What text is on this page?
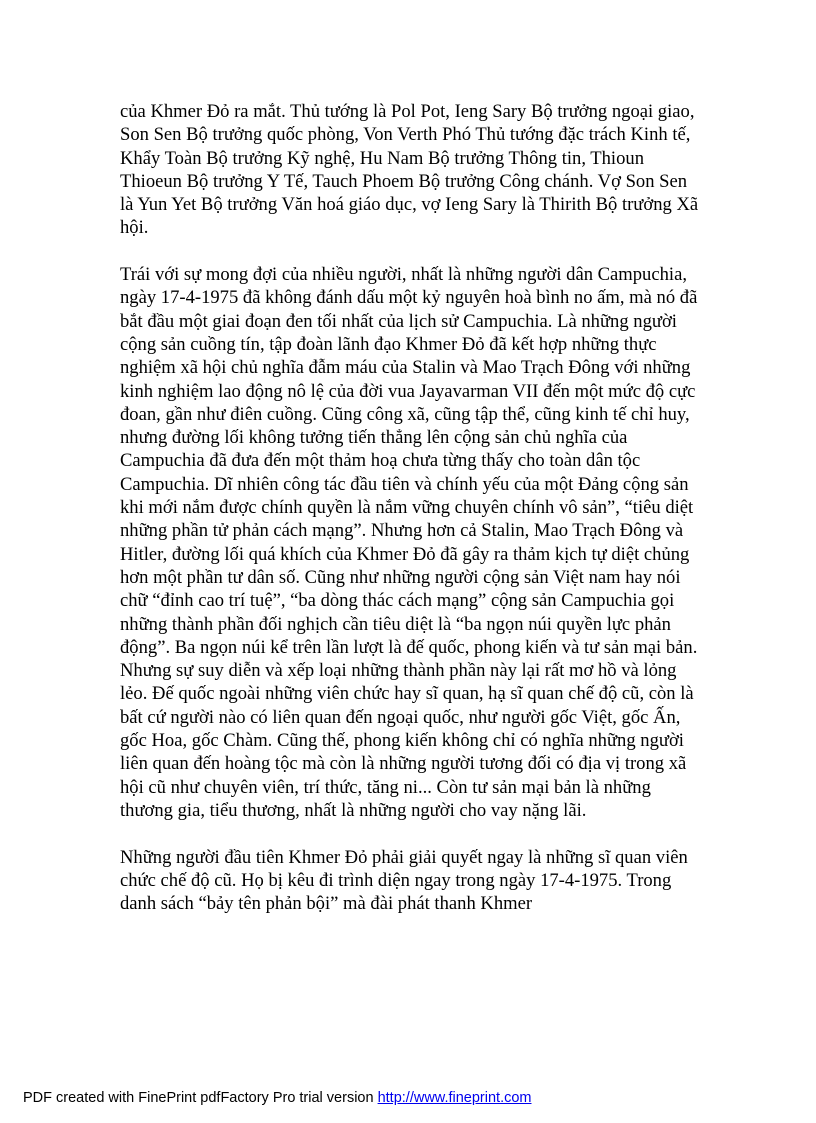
của Khmer Đỏ ra mắt. Thủ tướng là Pol Pot, Ieng Sary Bộ trưởng ngoại giao, Son Sen Bộ trưởng quốc phòng, Von Verth Phó Thủ tướng đặc trách Kinh tế, Khẩy Toàn Bộ trưởng Kỹ nghệ, Hu Nam Bộ trưởng Thông tin, Thioun Thioeun Bộ trưởng Y Tế, Tauch Phoem Bộ trưởng Công chánh. Vợ Son Sen là Yun Yet Bộ trưởng Văn hoá giáo dục, vợ Ieng Sary là Thirith Bộ trưởng Xã hội.

Trái với sự mong đợi của nhiều người, nhất là những người dân Campuchia, ngày 17-4-1975 đã không đánh dấu một kỷ nguyên hoà bình no ấm, mà nó đã bắt đầu một giai đoạn đen tối nhất của lịch sử Campuchia. Là những người cộng sản cuồng tín, tập đoàn lãnh đạo Khmer Đỏ đã kết hợp những thực nghiệm xã hội chủ nghĩa đẫm máu của Stalin và Mao Trạch Đông với những kinh nghiệm lao động nô lệ của đời vua Jayavarman VII đến một mức độ cực đoan, gần như điên cuồng. Cũng công xã, cũng tập thể, cũng kinh tế chỉ huy, nhưng đường lối không tưởng tiến thẳng lên cộng sản chủ nghĩa của Campuchia đã đưa đến một thảm hoạ chưa từng thấy cho toàn dân tộc Campuchia. Dĩ nhiên công tác đầu tiên và chính yếu của một Đảng cộng sản khi mới nắm được chính quyền là nắm vững chuyên chính vô sản”, “tiêu diệt những phần tử phản cách mạng”. Nhưng hơn cả Stalin, Mao Trạch Đông và Hitler, đường lối quá khích của Khmer Đỏ đã gây ra thảm kịch tự diệt chủng hơn một phần tư dân số. Cũng như những người cộng sản Việt nam hay nói chữ “đỉnh cao trí tuệ”, “ba dòng thác cách mạng” cộng sản Campuchia gọi những thành phần đối nghịch cần tiêu diệt là “ba ngọn núi quyền lực phản động”. Ba ngọn núi kể trên lần lượt là đế quốc, phong kiến và tư sản mại bản. Nhưng sự suy diễn và xếp loại những thành phần này lại rất mơ hồ và lỏng lẻo. Đế quốc ngoài những viên chức hay sĩ quan, hạ sĩ quan chế độ cũ, còn là bất cứ người nào có liên quan đến ngoại quốc, như người gốc Việt, gốc Ấn, gốc Hoa, gốc Chàm. Cũng thế, phong kiến không chỉ có nghĩa những người liên quan đến hoàng tộc mà còn là những người tương đối có địa vị trong xã hội cũ như chuyên viên, trí thức, tăng ni... Còn tư sản mại bản là những thương gia, tiểu thương, nhất là những người cho vay nặng lãi.

Những người đầu tiên Khmer Đỏ phải giải quyết ngay là những sĩ quan viên chức chế độ cũ. Họ bị kêu đi trình diện ngay trong ngày 17-4-1975. Trong danh sách “bảy tên phản bội” mà đài phát thanh Khmer

PDF created with FinePrint pdfFactory Pro trial version http://www.fineprint.com
